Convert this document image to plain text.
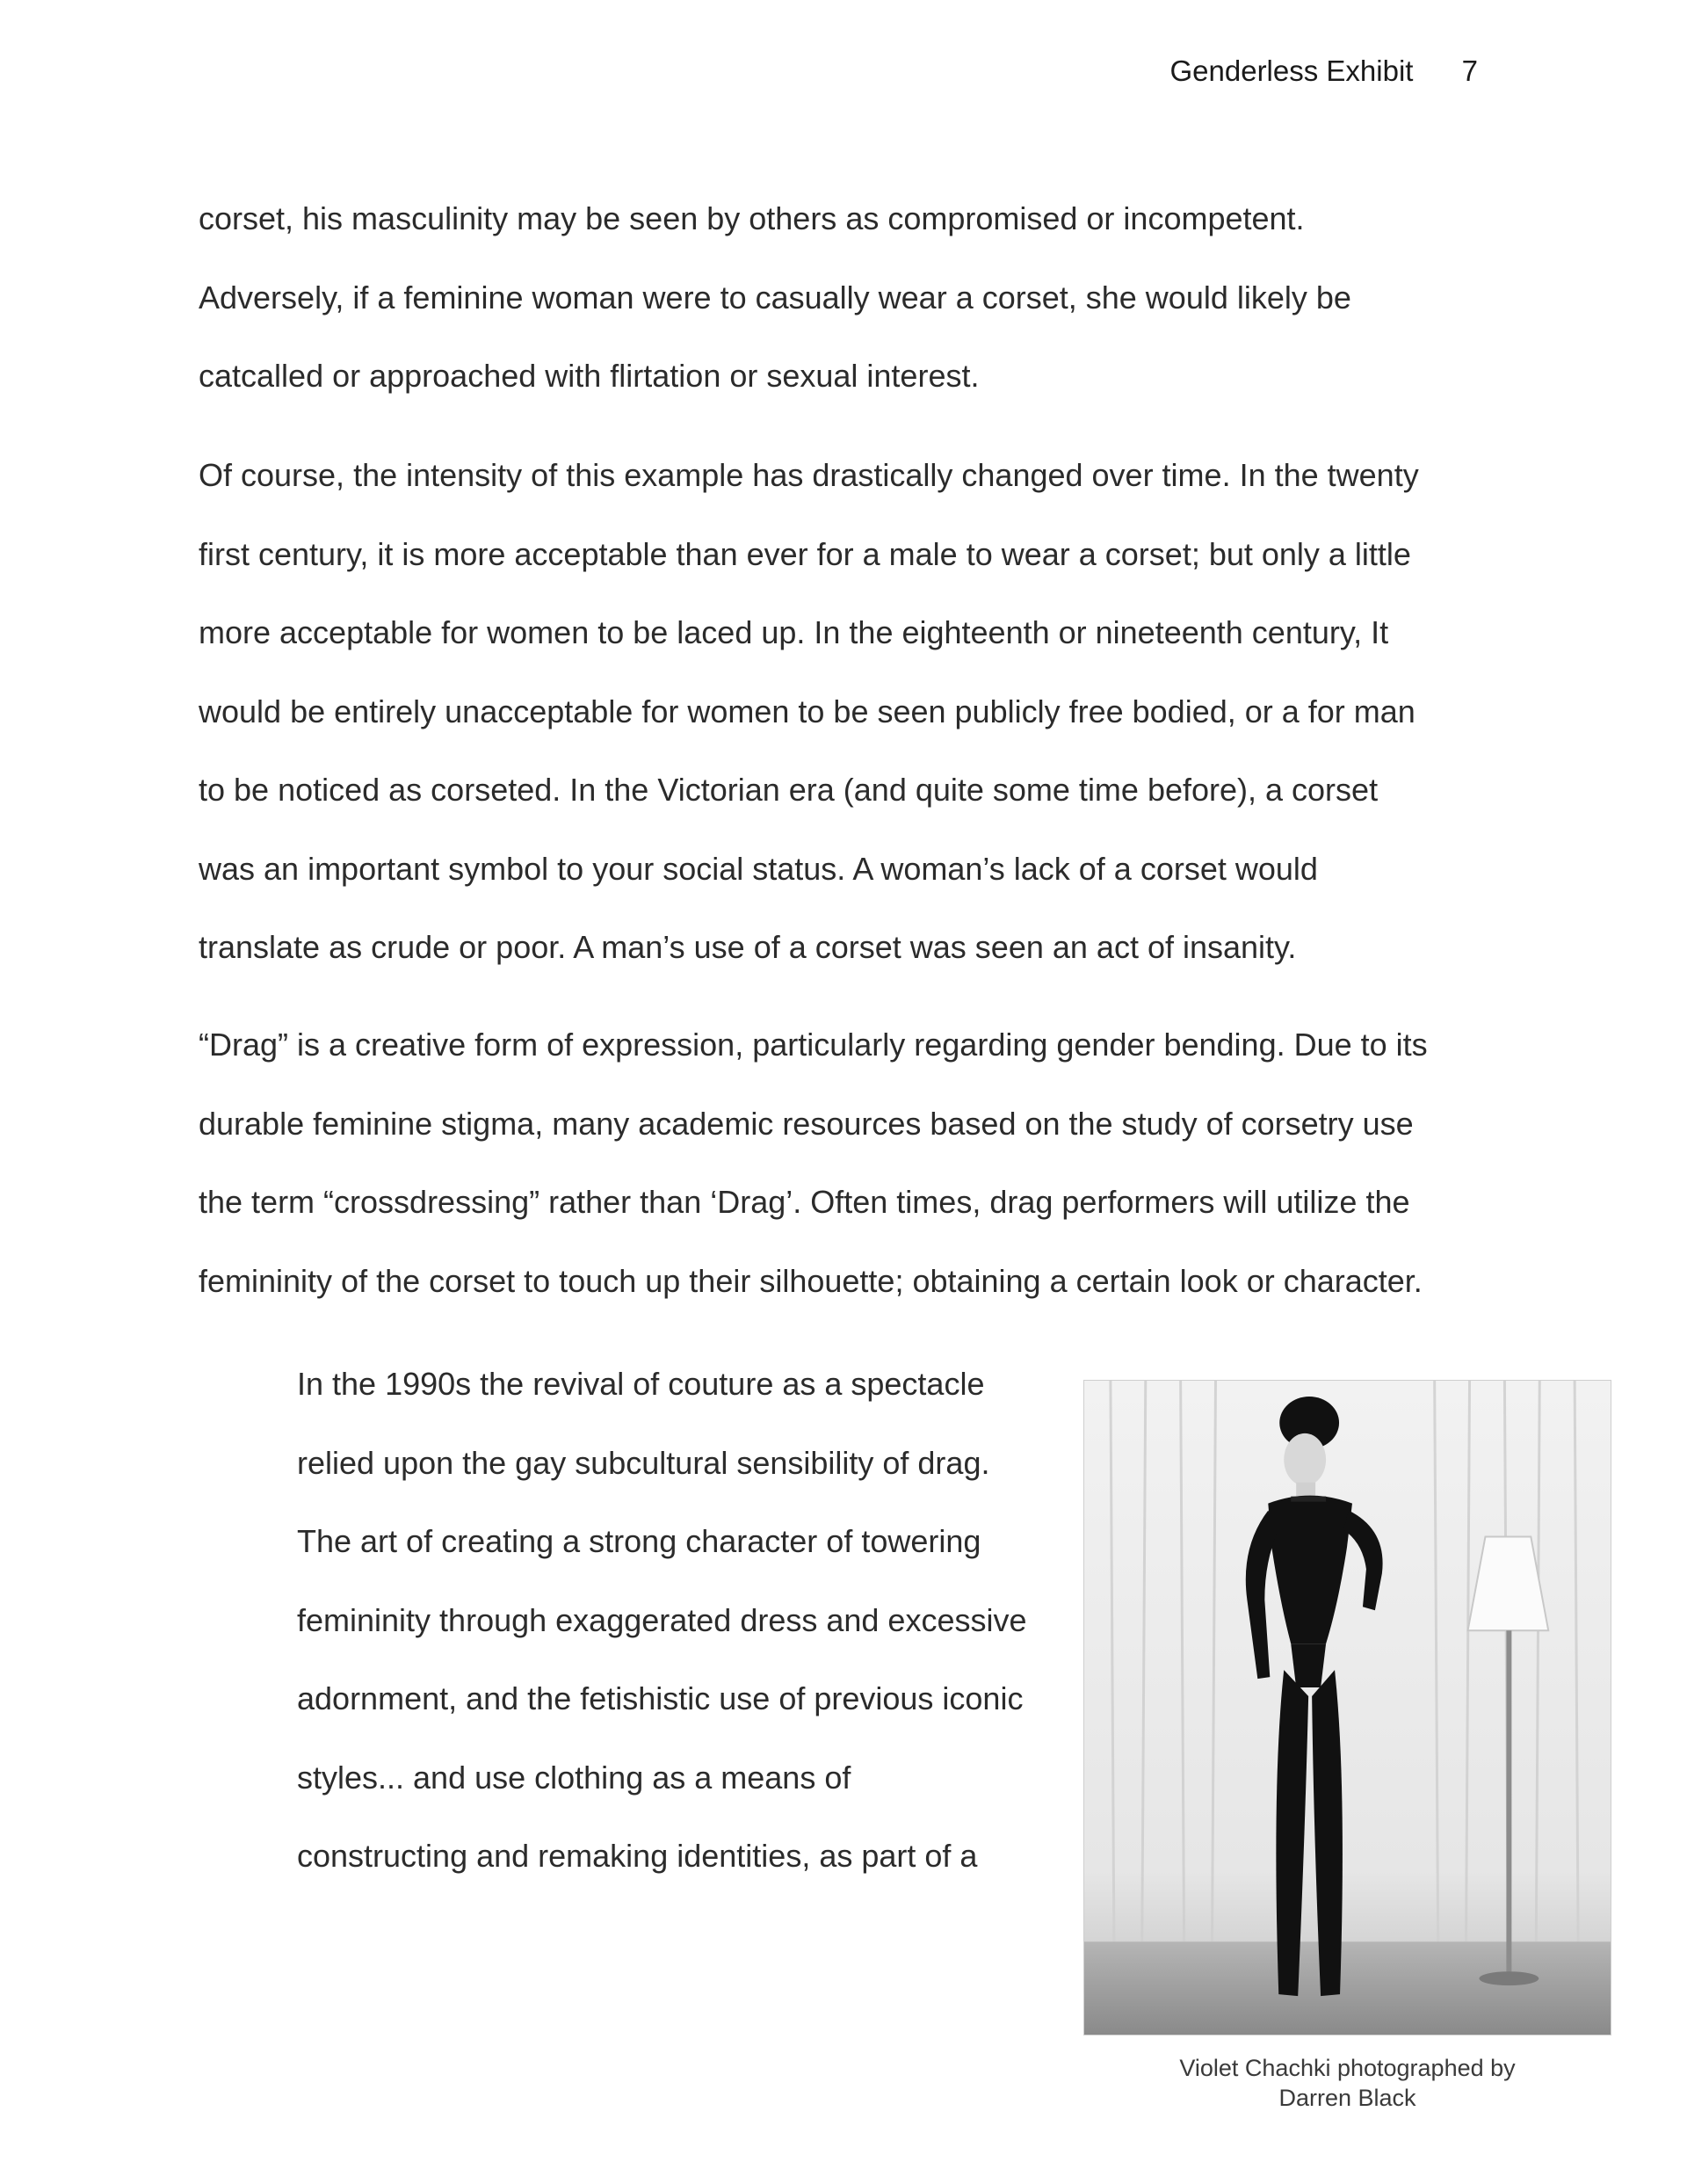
Genderless Exhibit 7

corset, his masculinity may be seen by others as compromised or incompetent.
Adversely, if a feminine woman were to casually wear a corset, she would likely be
catcalled or approached with flirtation or sexual interest.

Of course, the intensity of this example has drastically changed over time. In the twenty
first century, it is more acceptable than ever for a male to wear a corset; but only a little
more acceptable for women to be laced up. In the eighteenth or nineteenth century, It
would be entirely unacceptable for women to be seen publicly free bodied, or a for man
to be noticed as corseted. In the Victorian era (and quite some time before), a corset
was an important symbol to your social status. A woman’s lack of a corset would
translate as crude or poor. A man’s use of a corset was seen an act of insanity.

“Drag” is a creative form of expression, particularly regarding gender bending. Due to its
durable feminine stigma, many academic resources based on the study of corsetry use
the term “crossdressing” rather than ‘Drag’. Often times, drag performers will utilize the
femininity of the corset to touch up their silhouette; obtaining a certain look or character.

In the 1990s the revival of couture as a spectacle
relied upon the gay subcultural sensibility of drag.
The art of creating a strong character of towering
femininity through exaggerated dress and excessive
adornment, and the fetishistic use of previous iconic
styles... and use clothing as a means of
constructing and remaking identities, as part of a
Violet Chachki photographed by
Darren Black
